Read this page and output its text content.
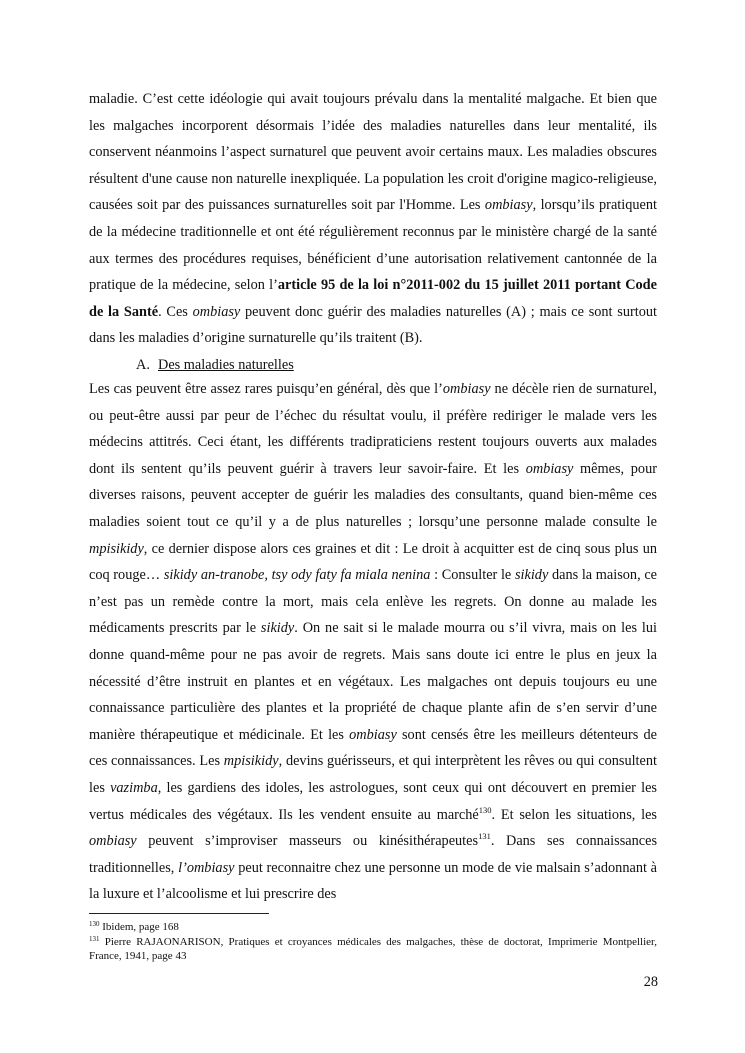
maladie. C’est cette idéologie qui avait toujours prévalu dans la mentalité malgache. Et bien que les malgaches incorporent désormais l’idée des maladies naturelles dans leur mentalité, ils conservent néanmoins l’aspect surnaturel que peuvent avoir certains maux. Les maladies obscures résultent d'une cause non naturelle inexpliquée. La population les croit d'origine magico-religieuse, causées soit par des puissances surnaturelles soit par l'Homme. Les ombiasy, lorsqu’ils pratiquent de la médecine traditionnelle et ont été régulièrement reconnus par le ministère chargé de la santé aux termes des procédures requises, bénéficient d’une autorisation relativement cantonnée de la pratique de la médecine, selon l’article 95 de la loi n°2011-002 du 15 juillet 2011 portant Code de la Santé. Ces ombiasy peuvent donc guérir des maladies naturelles (A) ; mais ce sont surtout dans les maladies d’origine surnaturelle qu’ils traitent (B).

A. Des maladies naturelles

Les cas peuvent être assez rares puisqu’en général, dès que l’ombiasy ne décèle rien de surnaturel, ou peut-être aussi par peur de l’échec du résultat voulu, il préfère rediriger le malade vers les médecins attitrés. Ceci étant, les différents tradipraticiens restent toujours ouverts aux malades dont ils sentent qu’ils peuvent guérir à travers leur savoir-faire. Et les ombiasy mêmes, pour diverses raisons, peuvent accepter de guérir les maladies des consultants, quand bien-même ces maladies soient tout ce qu’il y a de plus naturelles ; lorsqu’une personne malade consulte le mpisikidy, ce dernier dispose alors ces graines et dit : Le droit à acquitter est de cinq sous plus un coq rouge… sikidy an-tranobe, tsy ody faty fa miala nenina : Consulter le sikidy dans la maison, ce n’est pas un remède contre la mort, mais cela enlève les regrets. On donne au malade les médicaments prescrits par le sikidy. On ne sait si le malade mourra ou s’il vivra, mais on les lui donne quand-même pour ne pas avoir de regrets. Mais sans doute ici entre le plus en jeux la nécessité d’être instruit en plantes et en végétaux. Les malgaches ont depuis toujours eu une connaissance particulière des plantes et la propriété de chaque plante afin de s’en servir d’une manière thérapeutique et médicinale. Et les ombiasy sont censés être les meilleurs détenteurs de ces connaissances. Les mpisikidy, devins guérisseurs, et qui interprètent les rêves ou qui consultent les vazimba, les gardiens des idoles, les astrologues, sont ceux qui ont découvert en premier les vertus médicales des végétaux. Ils les vendent ensuite au marché$^{130}$. Et selon les situations, les ombiasy peuvent s’improviser masseurs ou kinésithérapeutes$^{131}$. Dans ses connaissances traditionnelles, l’ombiasy peut reconnaitre chez une personne un mode de vie malsain s’adonnant à la luxure et l’alcoolisme et lui prescrire des

$^{130}$ Ibidem, page 168

$^{131}$ Pierre RAJAONARISON, Pratiques et croyances médicales des malgaches, thèse de doctorat, Imprimerie Montpellier, France, 1941, page 43

28
